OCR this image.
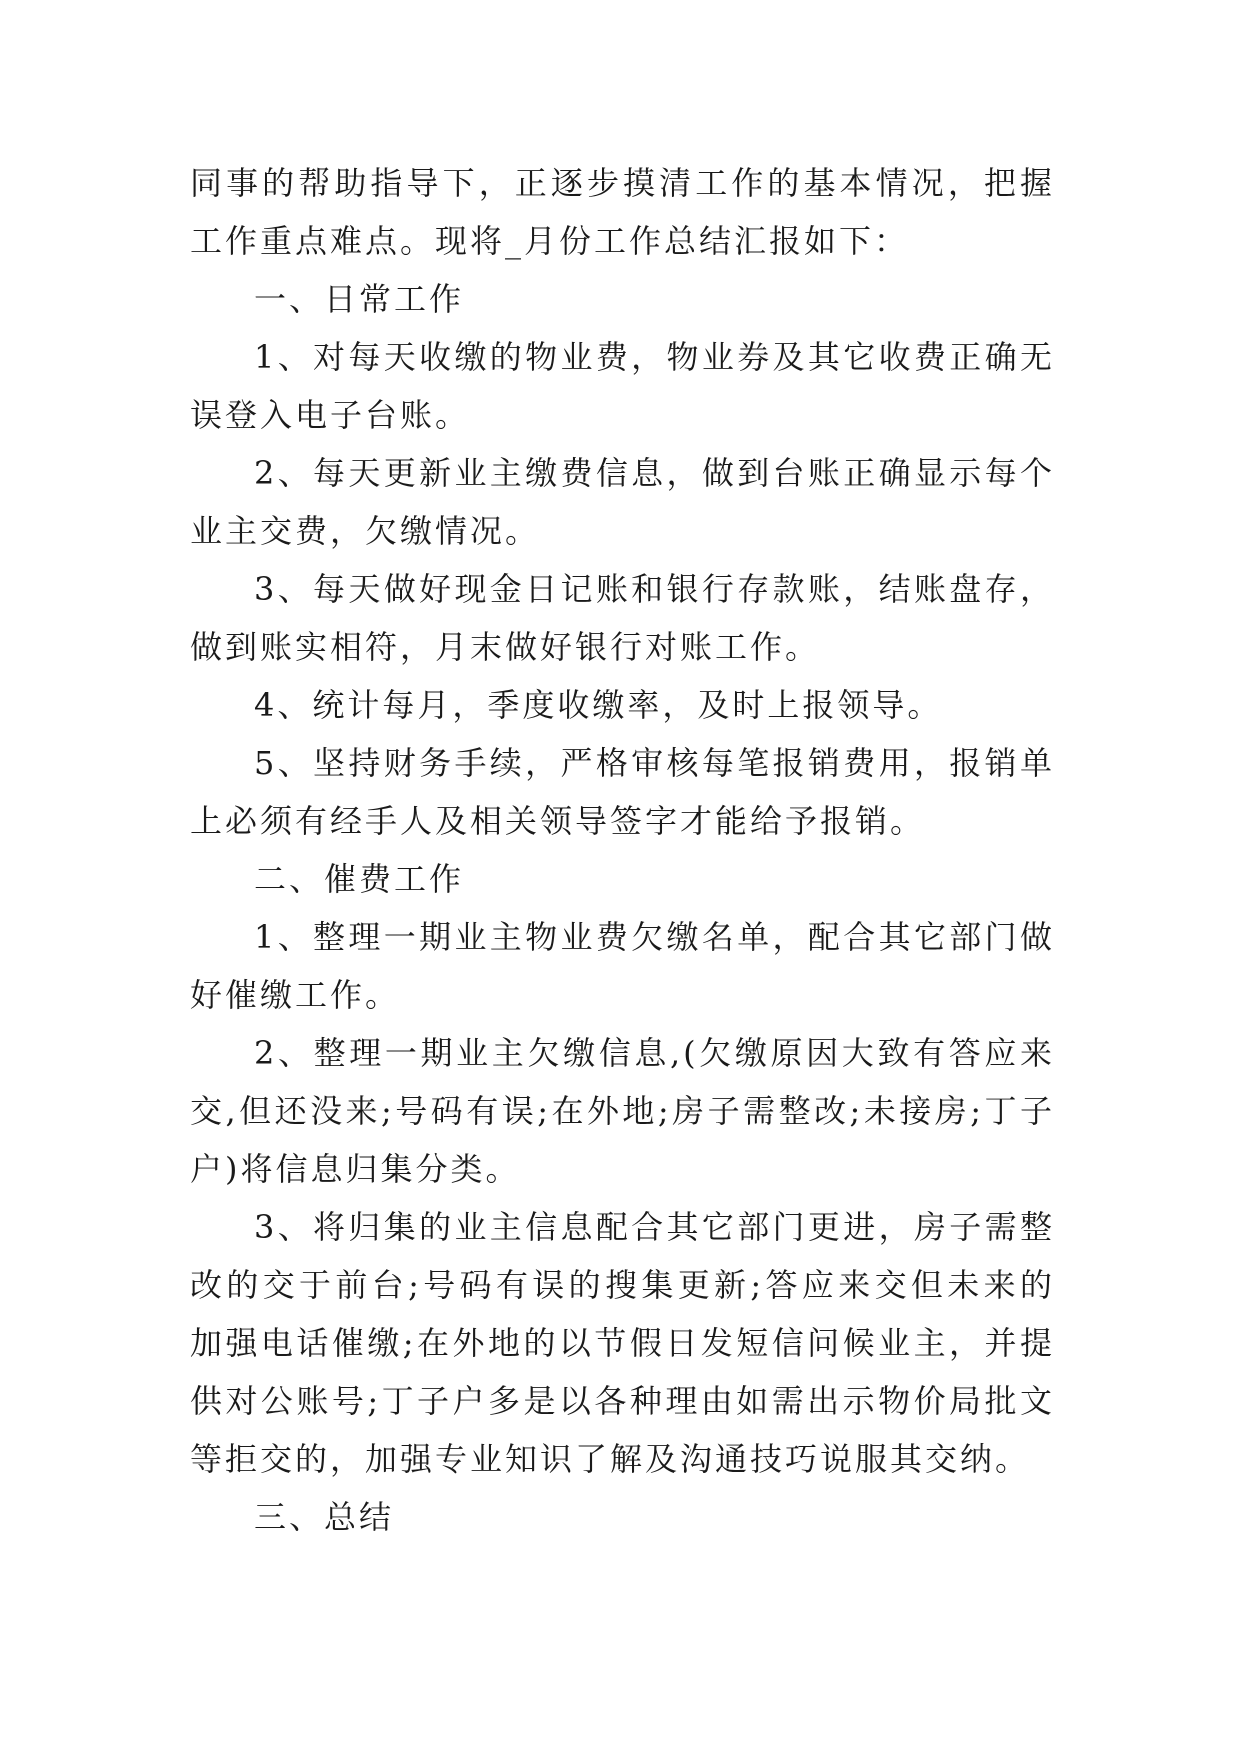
同事的帮助指导下，正逐步摸清工作的基本情况，把握工作重点难点。现将_月份工作总结汇报如下：

一、日常工作

1、对每天收缴的物业费，物业券及其它收费正确无误登入电子台账。

2、每天更新业主缴费信息，做到台账正确显示每个业主交费，欠缴情况。

3、每天做好现金日记账和银行存款账，结账盘存，做到账实相符，月末做好银行对账工作。

4、统计每月，季度收缴率，及时上报领导。

5、坚持财务手续，严格审核每笔报销费用，报销单上必须有经手人及相关领导签字才能给予报销。

二、催费工作

1、整理一期业主物业费欠缴名单，配合其它部门做好催缴工作。

2、整理一期业主欠缴信息,(欠缴原因大致有答应来交,但还没来;号码有误;在外地;房子需整改;未接房;丁子户)将信息归集分类。

3、将归集的业主信息配合其它部门更进，房子需整改的交于前台;号码有误的搜集更新;答应来交但未来的加强电话催缴;在外地的以节假日发短信问候业主，并提供对公账号;丁子户多是以各种理由如需出示物价局批文等拒交的，加强专业知识了解及沟通技巧说服其交纳。

三、总结
